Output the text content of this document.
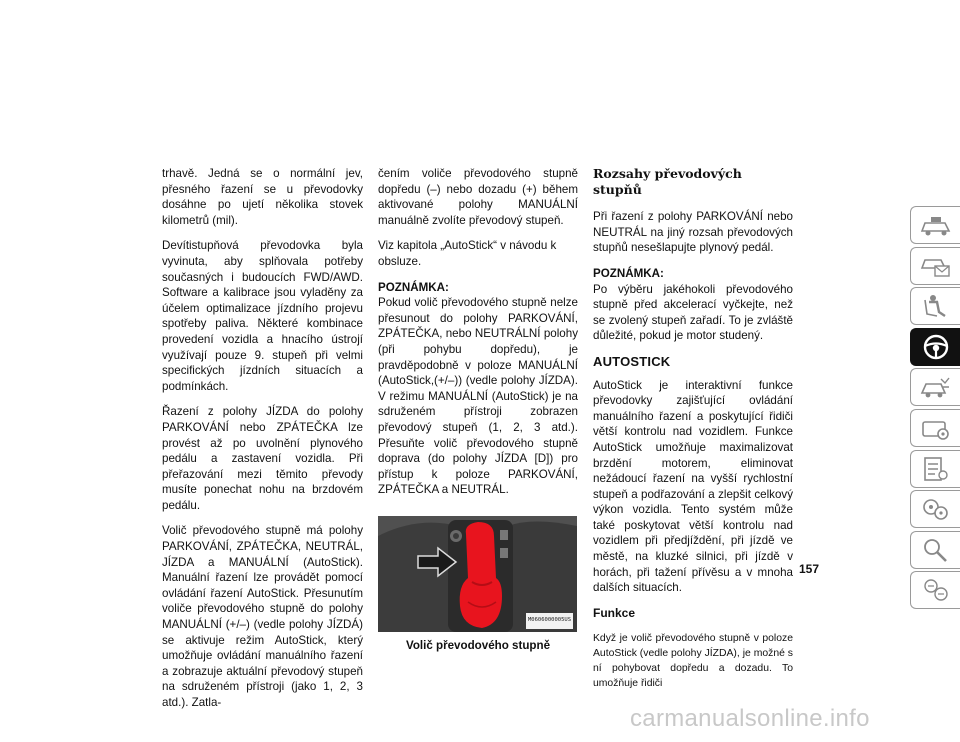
trhavě. Jedná se o normální jev, přesného řazení se u převodovky dosáhne po ujetí několika stovek kilometrů (mil).

Devítistupňová převodovka byla vyvinuta, aby splňovala potřeby současných i budoucích FWD/AWD. Software a kalibrace jsou vyladěny za účelem optimalizace jízdního projevu spotřeby paliva. Některé kombinace provedení vozidla a hnacího ústrojí využívají pouze 9. stupeň při velmi specifických jízdních situacích a podmínkách.

Řazení z polohy JÍZDA do polohy PARKOVÁNÍ nebo ZPÁTEČKA lze provést až po uvolnění plynového pedálu a zastavení vozidla. Při přeřazování mezi těmito převody musíte ponechat nohu na brzdovém pedálu.

Volič převodového stupně má polohy PARKOVÁNÍ, ZPÁTEČKA, NEUTRÁL, JÍZDA a MANUÁLNÍ (AutoStick). Manuální řazení lze provádět pomocí ovládání řazení AutoStick. Přesunutím voliče převodového stupně do polohy MANUÁLNÍ (+/–) (vedle polohy JÍZDÁ) se aktivuje režim AutoStick, který umožňuje ovládání manuálního řazení a zobrazuje aktuální převodový stupeň na sdruženém přístroji (jako 1, 2, 3 atd.). Zatla-

čením voliče převodového stupně dopředu (–) nebo dozadu (+) během aktivované polohy MANUÁLNÍ manuálně zvolíte převodový stupeň.

Viz kapitola „AutoStick“ v návodu k obsluze.

POZNÁMKA:
Pokud volič převodového stupně nelze přesunout do polohy PARKOVÁNÍ, ZPÁTEČKA, nebo NEUTRÁLNÍ polohy (při pohybu dopředu), je pravděpodobně v poloze MANUÁLNÍ (AutoStick,(+/–)) (vedle polohy JÍZDA). V režimu MANUÁLNÍ (AutoStick) je na sdruženém přístroji zobrazen převodový stupeň (1, 2, 3 atd.). Přesuňte volič převodového stupně doprava (do polohy JÍZDA [D]) pro přístup k poloze PARKOVÁNÍ, ZPÁTEČKA a NEUTRÁL.

M0606000005US
Volič převodového stupně
Rozsahy převodových stupňů

Při řazení z polohy PARKOVÁNÍ nebo NEUTRÁL na jiný rozsah převodových stupňů nesešlapujte plynový pedál.

POZNÁMKA:
Po výběru jakéhokoli převodového stupně před akcelerací vyčkejte, než se zvolený stupeň zařadí. To je zvláště důležité, pokud je motor studený.

AUTOSTICK

AutoStick je interaktivní funkce převodovky zajišťující ovládání manuálního řazení a poskytující řidiči větší kontrolu nad vozidlem. Funkce AutoStick umožňuje maximalizovat brzdění motorem, eliminovat nežádoucí řazení na vyšší rychlostní stupeň a podřazování a zlepšit celkový výkon vozidla. Tento systém může také poskytovat větší kontrolu nad vozidlem při předjíždění, při jízdě ve městě, na kluzké silnici, při jízdě v horách, při tažení přívěsu a v mnoha dalších situacích.

Funkce

Když je volič převodového stupně v poloze AutoStick (vedle polohy JÍZDA), je možné s ní pohybovat dopředu a dozadu. To umožňuje řidiči

157
carmanualsonline.info
